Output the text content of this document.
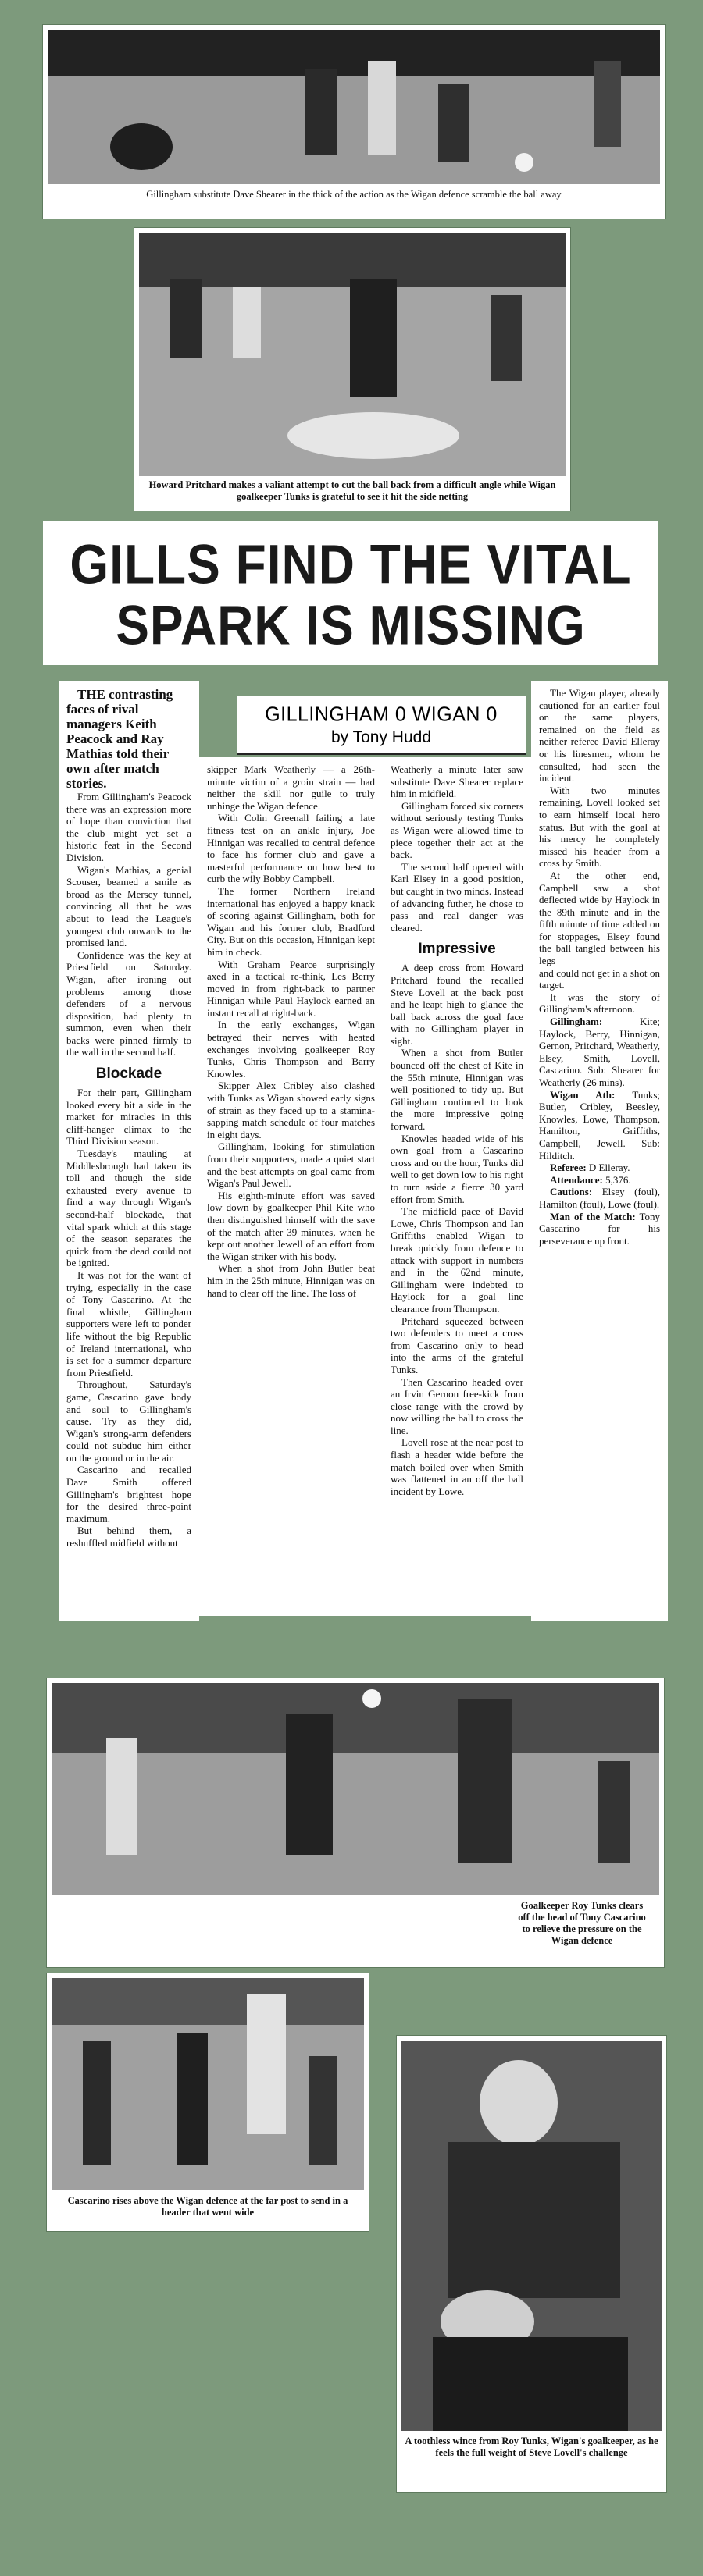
Gillingham substitute Dave Shearer in the thick of the action as the Wigan defence scramble the ball away
Howard Pritchard makes a valiant attempt to cut the ball back from a difficult angle while Wigan goalkeeper Tunks is grateful to see it hit the side netting
GILLS FIND THE VITAL
SPARK IS MISSING

THE contrasting faces of rival managers Keith Peacock and Ray Mathias told their own after match stories.

From Gillingham's Peacock there was an expression more of hope than conviction that the club might yet set a historic feat in the Second Division.

Wigan's Mathias, a genial Scouser, beamed a smile as broad as the Mersey tunnel, convincing all that he was about to lead the League's youngest club onwards to the promised land.

Confidence was the key at Priestfield on Saturday. Wigan, after ironing out problems among those defenders of a nervous disposition, had plenty to summon, even when their backs were pinned firmly to the wall in the second half.

Blockade

For their part, Gillingham looked every bit a side in the market for miracles in this cliff-hanger climax to the Third Division season.

Tuesday's mauling at Middlesbrough had taken its toll and though the side exhausted every avenue to find a way through Wigan's second-half blockade, that vital spark which at this stage of the season separates the quick from the dead could not be ignited.

It was not for the want of trying, especially in the case of Tony Cascarino. At the final whistle, Gillingham supporters were left to ponder life without the big Republic of Ireland international, who is set for a summer departure from Priestfield.

Throughout, Saturday's game, Cascarino gave body and soul to Gillingham's cause. Try as they did, Wigan's strong-arm defenders could not subdue him either on the ground or in the air.

Cascarino and recalled Dave Smith offered Gillingham's brightest hope for the desired three-point maximum.

But behind them, a reshuffled midfield without

GILLINGHAM 0 WIGAN 0
by Tony Hudd

skipper Mark Weatherly — a 26th-minute victim of a groin strain — had neither the skill nor guile to truly unhinge the Wigan defence.

With Colin Greenall failing a late fitness test on an ankle injury, Joe Hinnigan was recalled to central defence to face his former club and gave a masterful performance on how best to curb the wily Bobby Campbell.

The former Northern Ireland international has enjoyed a happy knack of scoring against Gillingham, both for Wigan and his former club, Bradford City. But on this occasion, Hinnigan kept him in check.

With Graham Pearce surprisingly axed in a tactical re-think, Les Berry moved in from right-back to partner Hinnigan while Paul Haylock earned an instant recall at right-back.

In the early exchanges, Wigan betrayed their nerves with heated exchanges involving goalkeeper Roy Tunks, Chris Thompson and Barry Knowles.

Skipper Alex Cribley also clashed with Tunks as Wigan showed early signs of strain as they faced up to a stamina-sapping match schedule of four matches in eight days.

Gillingham, looking for stimulation from their supporters, made a quiet start and the best attempts on goal came from Wigan's Paul Jewell.

His eighth-minute effort was saved low down by goalkeeper Phil Kite who then distinguished himself with the save of the match after 39 minutes, when he kept out another Jewell of an effort from the Wigan striker with his body.

When a shot from John Butler beat him in the 25th minute, Hinnigan was on hand to clear off the line. The loss of

Weatherly a minute later saw substitute Dave Shearer replace him in midfield.

Gillingham forced six corners without seriously testing Tunks as Wigan were allowed time to piece together their act at the back.

The second half opened with Karl Elsey in a good position, but caught in two minds. Instead of advancing futher, he chose to pass and real danger was cleared.

Impressive

A deep cross from Howard Pritchard found the recalled Steve Lovell at the back post and he leapt high to glance the ball back across the goal face with no Gillingham player in sight.

When a shot from Butler bounced off the chest of Kite in the 55th minute, Hinnigan was well positioned to tidy up. But Gillingham continued to look the more impressive going forward.

Knowles headed wide of his own goal from a Cascarino cross and on the hour, Tunks did well to get down low to his right to turn aside a fierce 30 yard effort from Smith.

The midfield pace of David Lowe, Chris Thompson and Ian Griffiths enabled Wigan to break quickly from defence to attack with support in numbers and in the 62nd minute, Gillingham were indebted to Haylock for a goal line clearance from Thompson.

Pritchard squeezed between two defenders to meet a cross from Cascarino only to head into the arms of the grateful Tunks.

Then Cascarino headed over an Irvin Gernon free-kick from close range with the crowd by now willing the ball to cross the line.

Lovell rose at the near post to flash a header wide before the match boiled over when Smith was flattened in an off the ball incident by Lowe.

The Wigan player, already cautioned for an earlier foul on the same players, remained on the field as neither referee David Elleray or his linesmen, whom he consulted, had seen the incident.

With two minutes remaining, Lovell looked set to earn himself local hero status. But with the goal at his mercy he completely missed his header from a cross by Smith.

At the other end, Campbell saw a shot deflected wide by Haylock in the 89th minute and in the fifth minute of time added on for stoppages, Elsey found the ball tangled between his legs

and could not get in a shot on target.

It was the story of Gillingham's afternoon.

Gillingham:	Kite; Haylock, Berry, Hinnigan, Gernon, Pritchard, Weatherly, Elsey, Smith, Lovell, Cascarino. Sub: Shearer for Weatherly (26 mins).

Wigan Ath: Tunks; Butler, Cribley, Beesley, Knowles, Lowe, Thompson, Hamilton, Griffiths, Campbell, Jewell. Sub: Hilditch.

Referee: D Elleray.

Attendance: 5,376.

Cautions: Elsey (foul), Hamilton (foul), Lowe (foul).

Man of the Match: Tony Cascarino for his perseverance up front.

Goalkeeper Roy Tunks clears off the head of Tony Cascarino to relieve the pressure on the Wigan defence
Cascarino rises above the Wigan defence at the far post to send in a header that went wide
A toothless wince from Roy Tunks, Wigan's goalkeeper, as he feels the full weight of Steve Lovell's challenge
